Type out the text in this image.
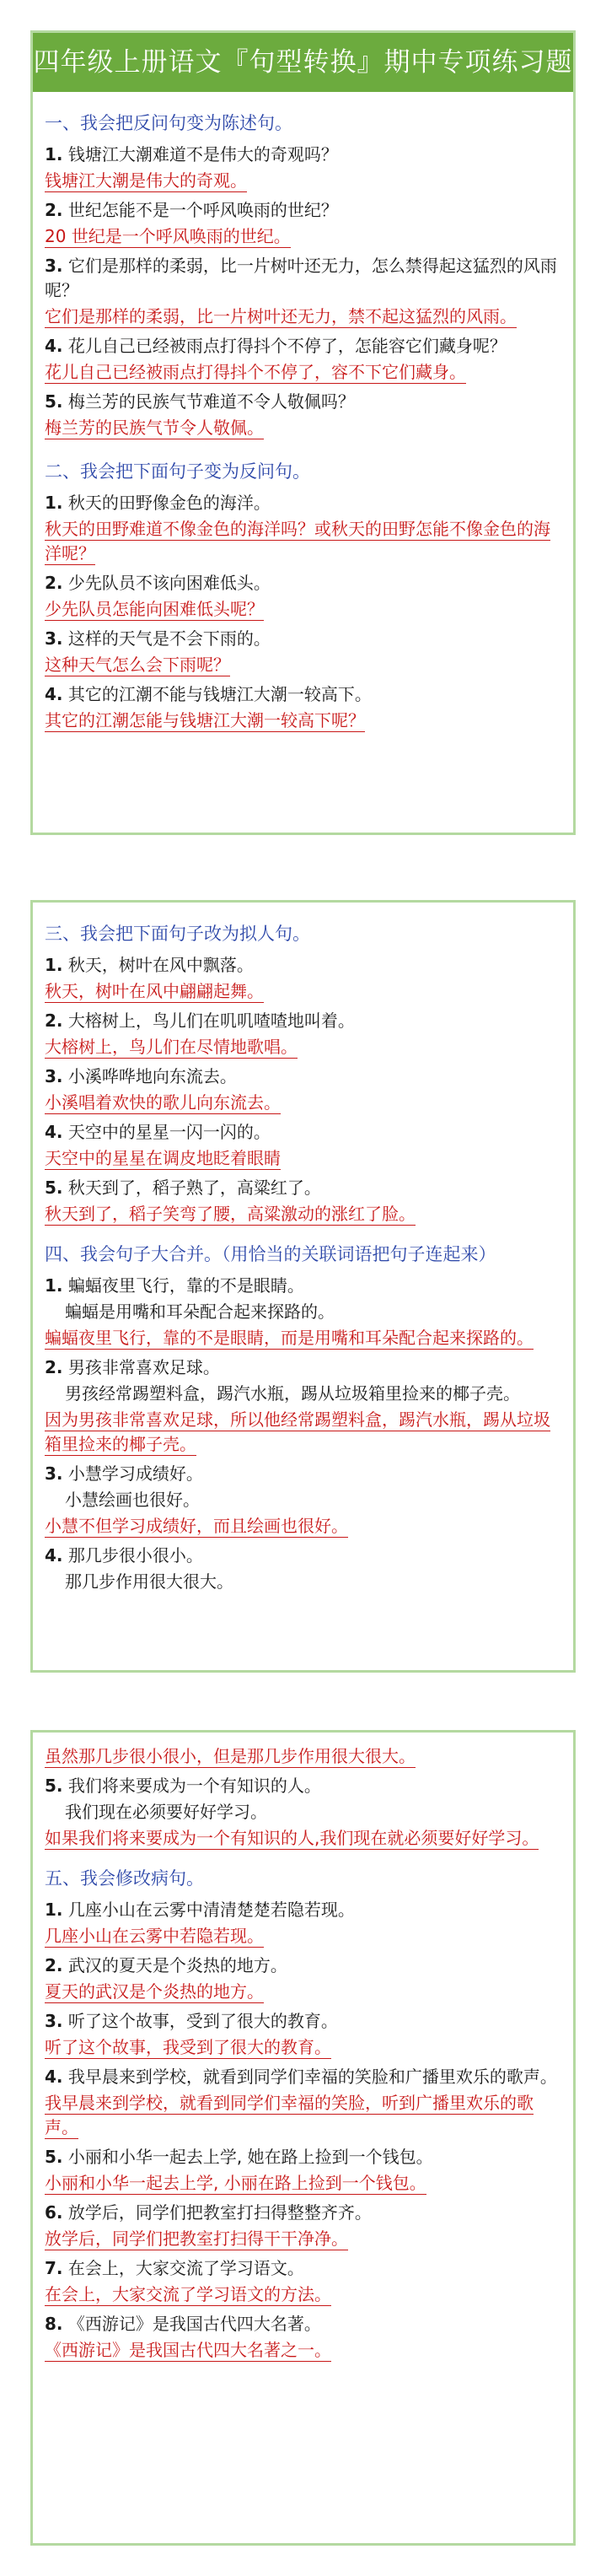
四年级上册语文『句型转换』期中专项练习题
一、我会把反问句变为陈述句。
1. 钱塘江大潮难道不是伟大的奇观吗？
钱塘江大潮是伟大的奇观。
2. 世纪怎能不是一个呼风唤雨的世纪？
20 世纪是一个呼风唤雨的世纪。
3. 它们是那样的柔弱，比一片树叶还无力，怎么禁得起这猛烈的风雨呢？
它们是那样的柔弱，比一片树叶还无力，禁不起这猛烈的风雨。
4. 花儿自己已经被雨点打得抖个不停了，怎能容它们藏身呢？
花儿自己已经被雨点打得抖个不停了，容不下它们藏身。
5. 梅兰芳的民族气节难道不令人敬佩吗？
梅兰芳的民族气节令人敬佩。
二、我会把下面句子变为反问句。
1. 秋天的田野像金色的海洋。
秋天的田野难道不像金色的海洋吗？或秋天的田野怎能不像金色的海洋呢？
2. 少先队员不该向困难低头。
少先队员怎能向困难低头呢？
3. 这样的天气是不会下雨的。
这种天气怎么会下雨呢？
4. 其它的江潮不能与钱塘江大潮一较高下。
其它的江潮怎能与钱塘江大潮一较高下呢？
三、我会把下面句子改为拟人句。
1. 秋天，树叶在风中飘落。
秋天，树叶在风中翩翩起舞。
2. 大榕树上，鸟儿们在叽叽喳喳地叫着。
大榕树上，鸟儿们在尽情地歌唱。
3. 小溪哗哗地向东流去。
小溪唱着欢快的歌儿向东流去。
4. 天空中的星星一闪一闪的。
天空中的星星在调皮地眨着眼睛
5. 秋天到了，稻子熟了，高粱红了。
秋天到了，稻子笑弯了腰，高粱激动的涨红了脸。
四、我会句子大合并。（用恰当的关联词语把句子连起来）
1. 蝙蝠夜里飞行，靠的不是眼睛。
蝙蝠是用嘴和耳朵配合起来探路的。
蝙蝠夜里飞行，靠的不是眼睛，而是用嘴和耳朵配合起来探路的。
2. 男孩非常喜欢足球。
男孩经常踢塑料盒，踢汽水瓶，踢从垃圾箱里捡来的椰子壳。
因为男孩非常喜欢足球，所以他经常踢塑料盒，踢汽水瓶，踢从垃圾箱里捡来的椰子壳。
3. 小慧学习成绩好。
小慧绘画也很好。
小慧不但学习成绩好，而且绘画也很好。
4. 那几步很小很小。
那几步作用很大很大。
虽然那几步很小很小，但是那几步作用很大很大。
5. 我们将来要成为一个有知识的人。
我们现在必须要好好学习。
如果我们将来要成为一个有知识的人,我们现在就必须要好好学习。
五、我会修改病句。
1. 几座小山在云雾中清清楚楚若隐若现。
几座小山在云雾中若隐若现。
2. 武汉的夏天是个炎热的地方。
夏天的武汉是个炎热的地方。
3. 听了这个故事，受到了很大的教育。
听了这个故事，我受到了很大的教育。
4. 我早晨来到学校，就看到同学们幸福的笑脸和广播里欢乐的歌声。
我早晨来到学校，就看到同学们幸福的笑脸，听到广播里欢乐的歌声。
5. 小丽和小华一起去上学, 她在路上捡到一个钱包。
小丽和小华一起去上学, 小丽在路上捡到一个钱包。
6. 放学后，同学们把教室打扫得整整齐齐。
放学后，同学们把教室打扫得干干净净。
7. 在会上，大家交流了学习语文。
在会上，大家交流了学习语文的方法。
8. 《西游记》是我国古代四大名著。
《西游记》是我国古代四大名著之一。
